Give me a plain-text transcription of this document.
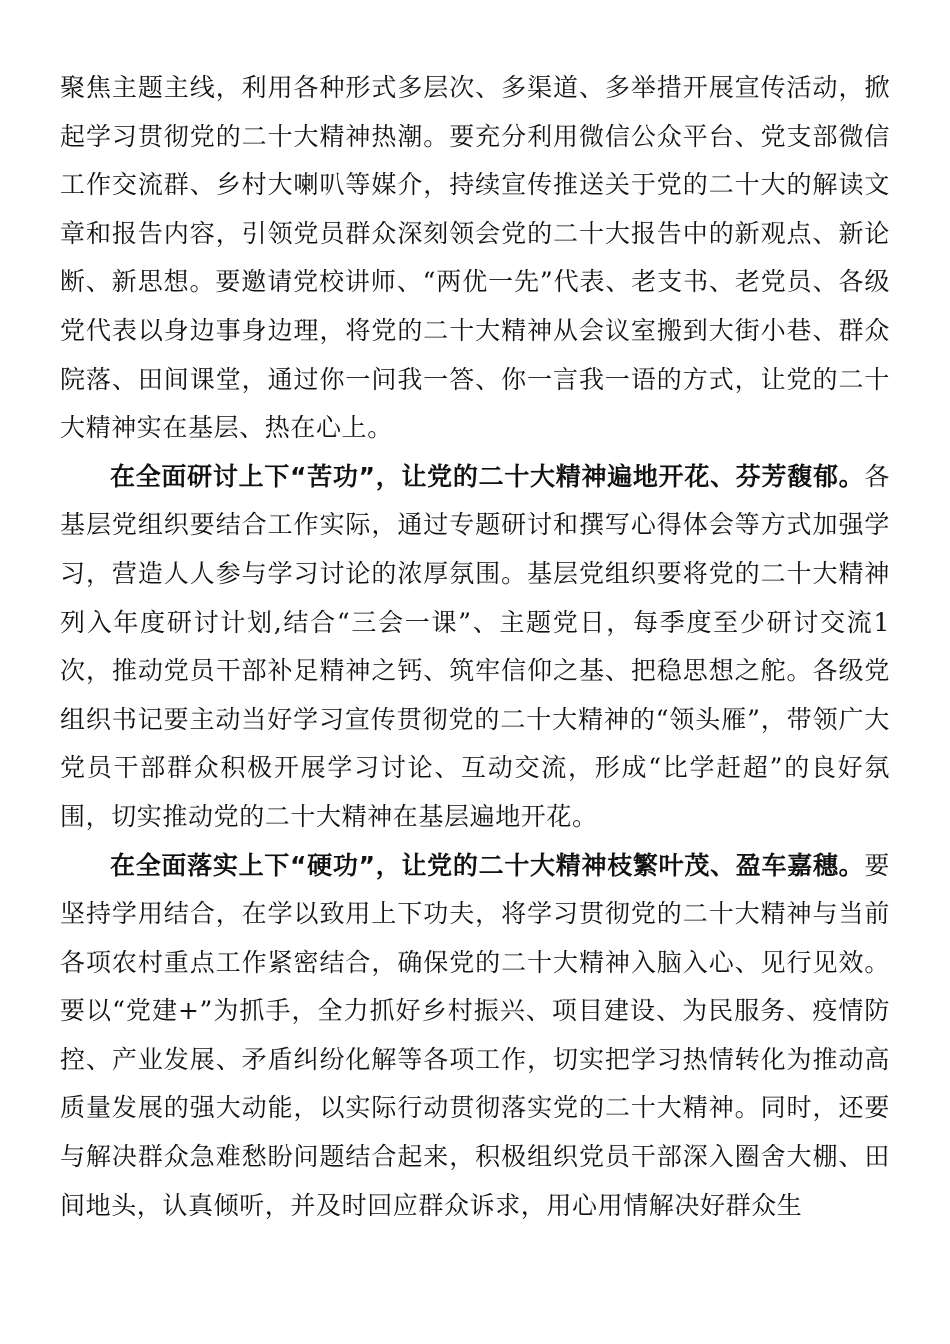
聚焦主题主线，利用各种形式多层次、多渠道、多举措开展宣传活动，掀起学习贯彻党的二十大精神热潮。要充分利用微信公众平台、党支部微信工作交流群、乡村大喇叭等媒介，持续宣传推送关于党的二十大的解读文章和报告内容，引领党员群众深刻领会党的二十大报告中的新观点、新论断、新思想。要邀请党校讲师、“两优一先”代表、老支书、老党员、各级党代表以身边事身边理，将党的二十大精神从会议室搬到大街小巷、群众院落、田间课堂，通过你一问我一答、你一言我一语的方式，让党的二十大精神实在基层、热在心上。

在全面研讨上下“苦功”，让党的二十大精神遍地开花、芬芳馥郁。各基层党组织要结合工作实际，通过专题研讨和撰写心得体会等方式加强学习，营造人人参与学习讨论的浓厚氛围。基层党组织要将党的二十大精神列入年度研讨计划,结合“三会一课”、主题党日，每季度至少研讨交流1次，推动党员干部补足精神之钙、筑牢信仰之基、把稳思想之舵。各级党组织书记要主动当好学习宣传贯彻党的二十大精神的“领头雁”，带领广大党员干部群众积极开展学习讨论、互动交流，形成“比学赶超”的良好氛围，切实推动党的二十大精神在基层遍地开花。

在全面落实上下“硬功”，让党的二十大精神枝繁叶茂、盈车嘉穗。要坚持学用结合，在学以致用上下功夫，将学习贯彻党的二十大精神与当前各项农村重点工作紧密结合，确保党的二十大精神入脑入心、见行见效。要以“党建+”为抓手，全力抓好乡村振兴、项目建设、为民服务、疫情防控、产业发展、矛盾纠纷化解等各项工作，切实把学习热情转化为推动高质量发展的强大动能，以实际行动贯彻落实党的二十大精神。同时，还要与解决群众急难愁盼问题结合起来，积极组织党员干部深入圈舍大棚、田间地头，认真倾听，并及时回应群众诉求，用心用情解决好群众生
